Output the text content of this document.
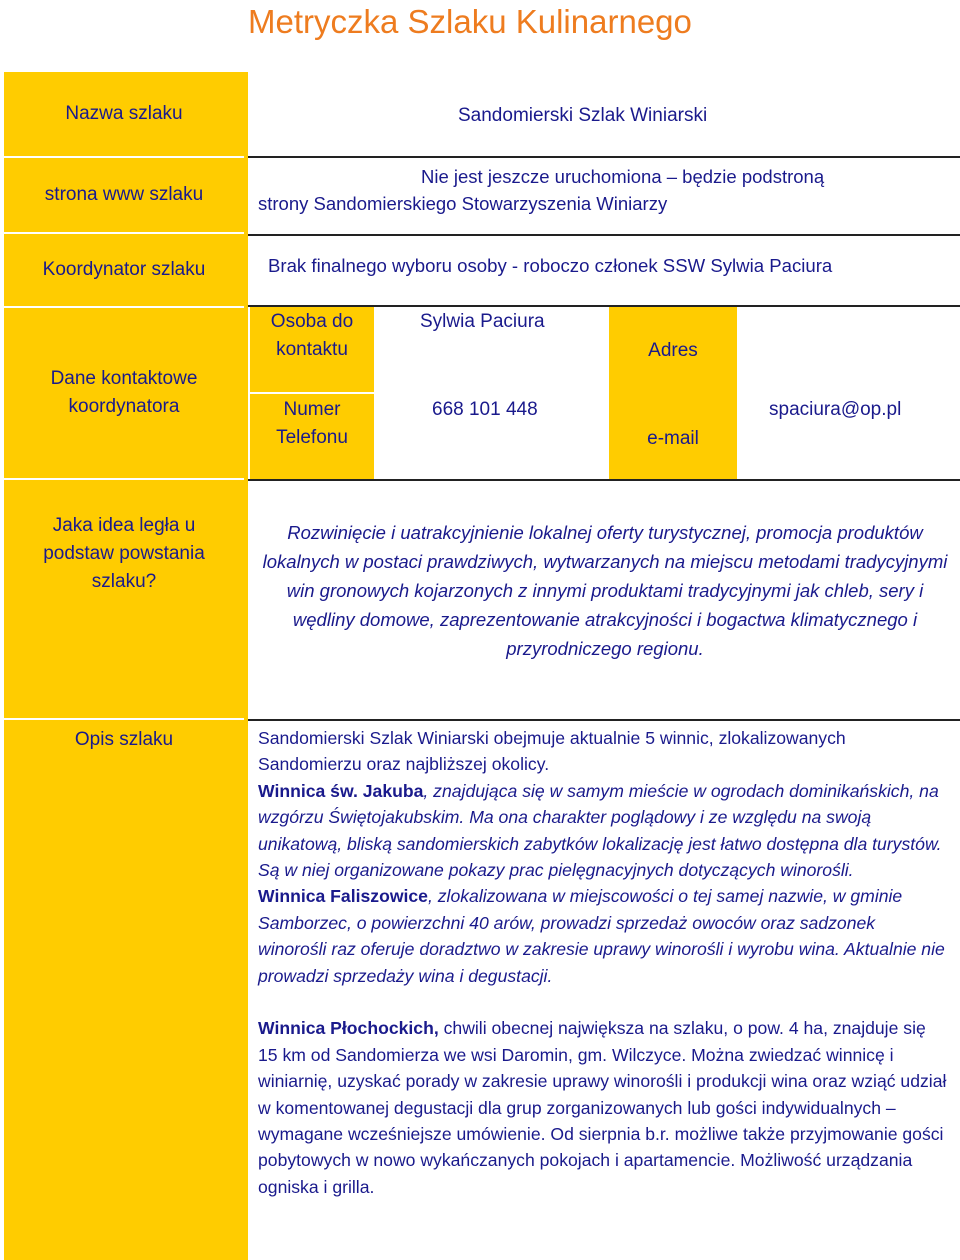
Metryczka Szlaku Kulinarnego
Nazwa szlaku
strona www szlaku
Koordynator szlaku
Dane kontaktowe koordynatora
Jaka idea legła u podstaw powstania szlaku?
Opis szlaku
Sandomierski Szlak Winiarski
Nie jest jeszcze uruchomiona – będzie podstroną
strony Sandomierskiego Stowarzyszenia Winiarzy
Brak finalnego wyboru osoby - roboczo członek SSW Sylwia Paciura
Osoba do kontaktu
Sylwia Paciura
Adres
Numer Telefonu
668 101 448
e-mail
spaciura@op.pl
Rozwinięcie i uatrakcyjnienie lokalnej oferty turystycznej, promocja produktów lokalnych w postaci prawdziwych, wytwarzanych na miejscu metodami tradycyjnymi win gronowych kojarzonych z innymi produktami tradycyjnymi jak chleb, sery i wędliny domowe, zaprezentowanie atrakcyjności i bogactwa klimatycznego i przyrodniczego regionu.

Sandomierski Szlak Winiarski obejmuje aktualnie 5 winnic, zlokalizowanych Sandomierzu oraz najbliższej okolicy.

Winnica św. Jakuba, znajdująca się w samym mieście w ogrodach dominikańskich, na wzgórzu Świętojakubskim. Ma ona charakter poglądowy i ze względu na swoją unikatową, bliską sandomierskich zabytków lokalizację jest łatwo dostępna dla turystów. Są w niej organizowane pokazy prac pielęgnacyjnych dotyczących winorośli.

Winnica Faliszowice, zlokalizowana w miejscowości o tej samej nazwie, w gminie Samborzec, o powierzchni 40 arów, prowadzi sprzedaż owoców oraz sadzonek winorośli raz oferuje doradztwo w zakresie uprawy winorośli i wyrobu wina. Aktualnie nie prowadzi sprzedaży wina i degustacji.

Winnica Płochockich, chwili obecnej największa na szlaku, o pow. 4 ha, znajduje się 15 km od Sandomierza we wsi Daromin, gm. Wilczyce. Można zwiedzać winnicę i winiarnię, uzyskać porady w zakresie uprawy winorośli i produkcji wina oraz wziąć udział w komentowanej degustacji dla grup zorganizowanych lub gości indywidualnych – wymagane wcześniejsze umówienie. Od sierpnia b.r. możliwe także przyjmowanie gości pobytowych w nowo wykańczanych pokojach i apartamencie. Możliwość urządzania ogniska i grilla.
